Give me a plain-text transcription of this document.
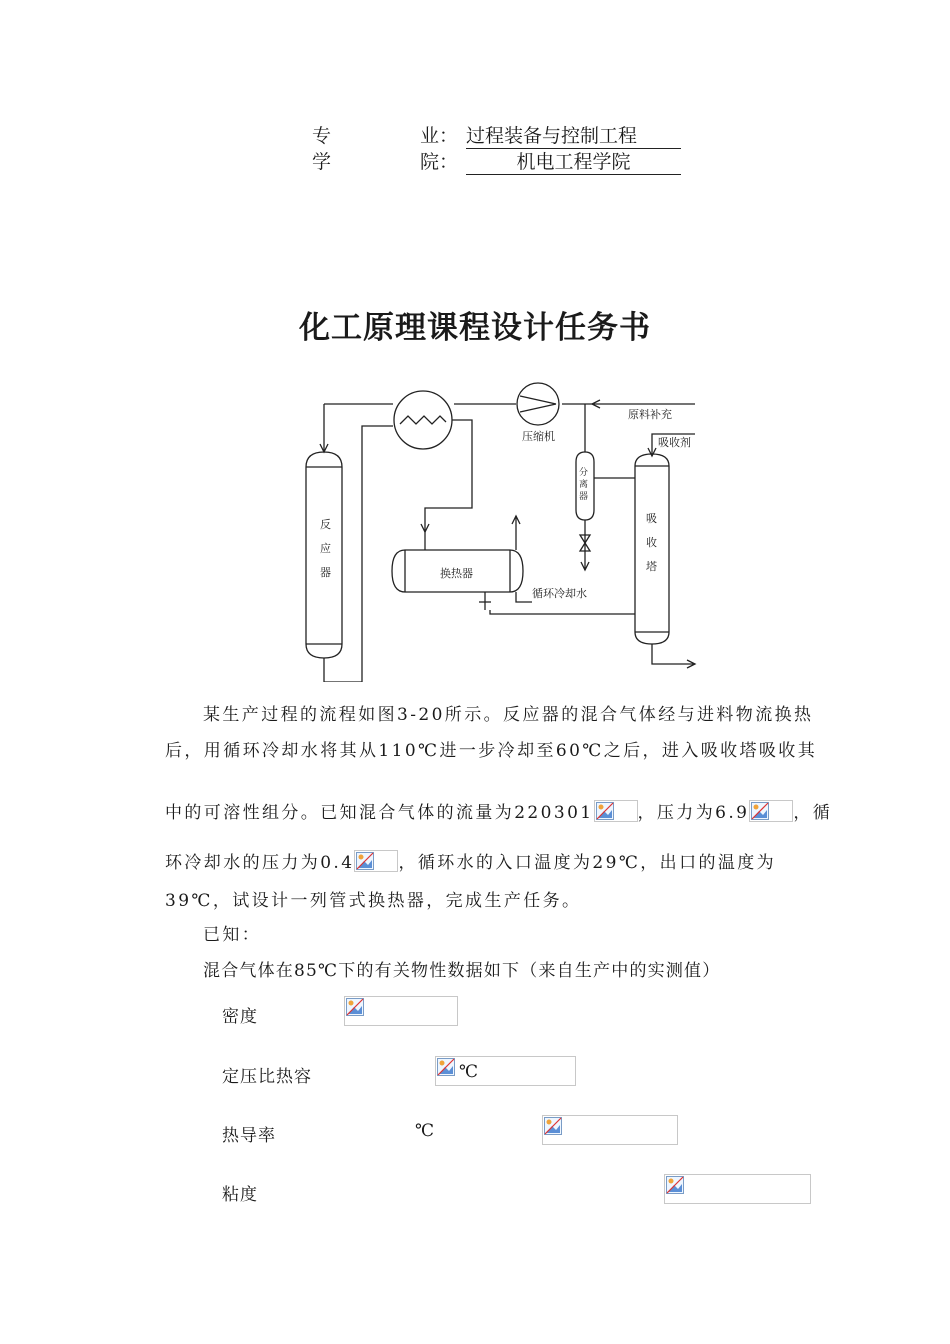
专	业： 过程装备与控制工程
学	院：	机电工程学院
化工原理课程设计任务书
反
应
器
压缩机
原料补充
吸收剂
分
离
器
吸
收
塔
换热器
循环冷却水
某生产过程的流程如图3-20所示。反应器的混合气体经与进料物流换热
后，用循环冷却水将其从110℃进一步冷却至60℃之后，进入吸收塔吸收其
中的可溶性组分。已知混合气体的流量为220301	，压力为6.9	，循
环冷却水的压力为0.4	，循环水的入口温度为29℃，出口的温度为
39℃，试设计一列管式换热器，完成生产任务。
已知：
混合气体在85℃下的有关物性数据如下（来自生产中的实测值）
密度

定压比热容
	℃
热导率
	℃
粘度
